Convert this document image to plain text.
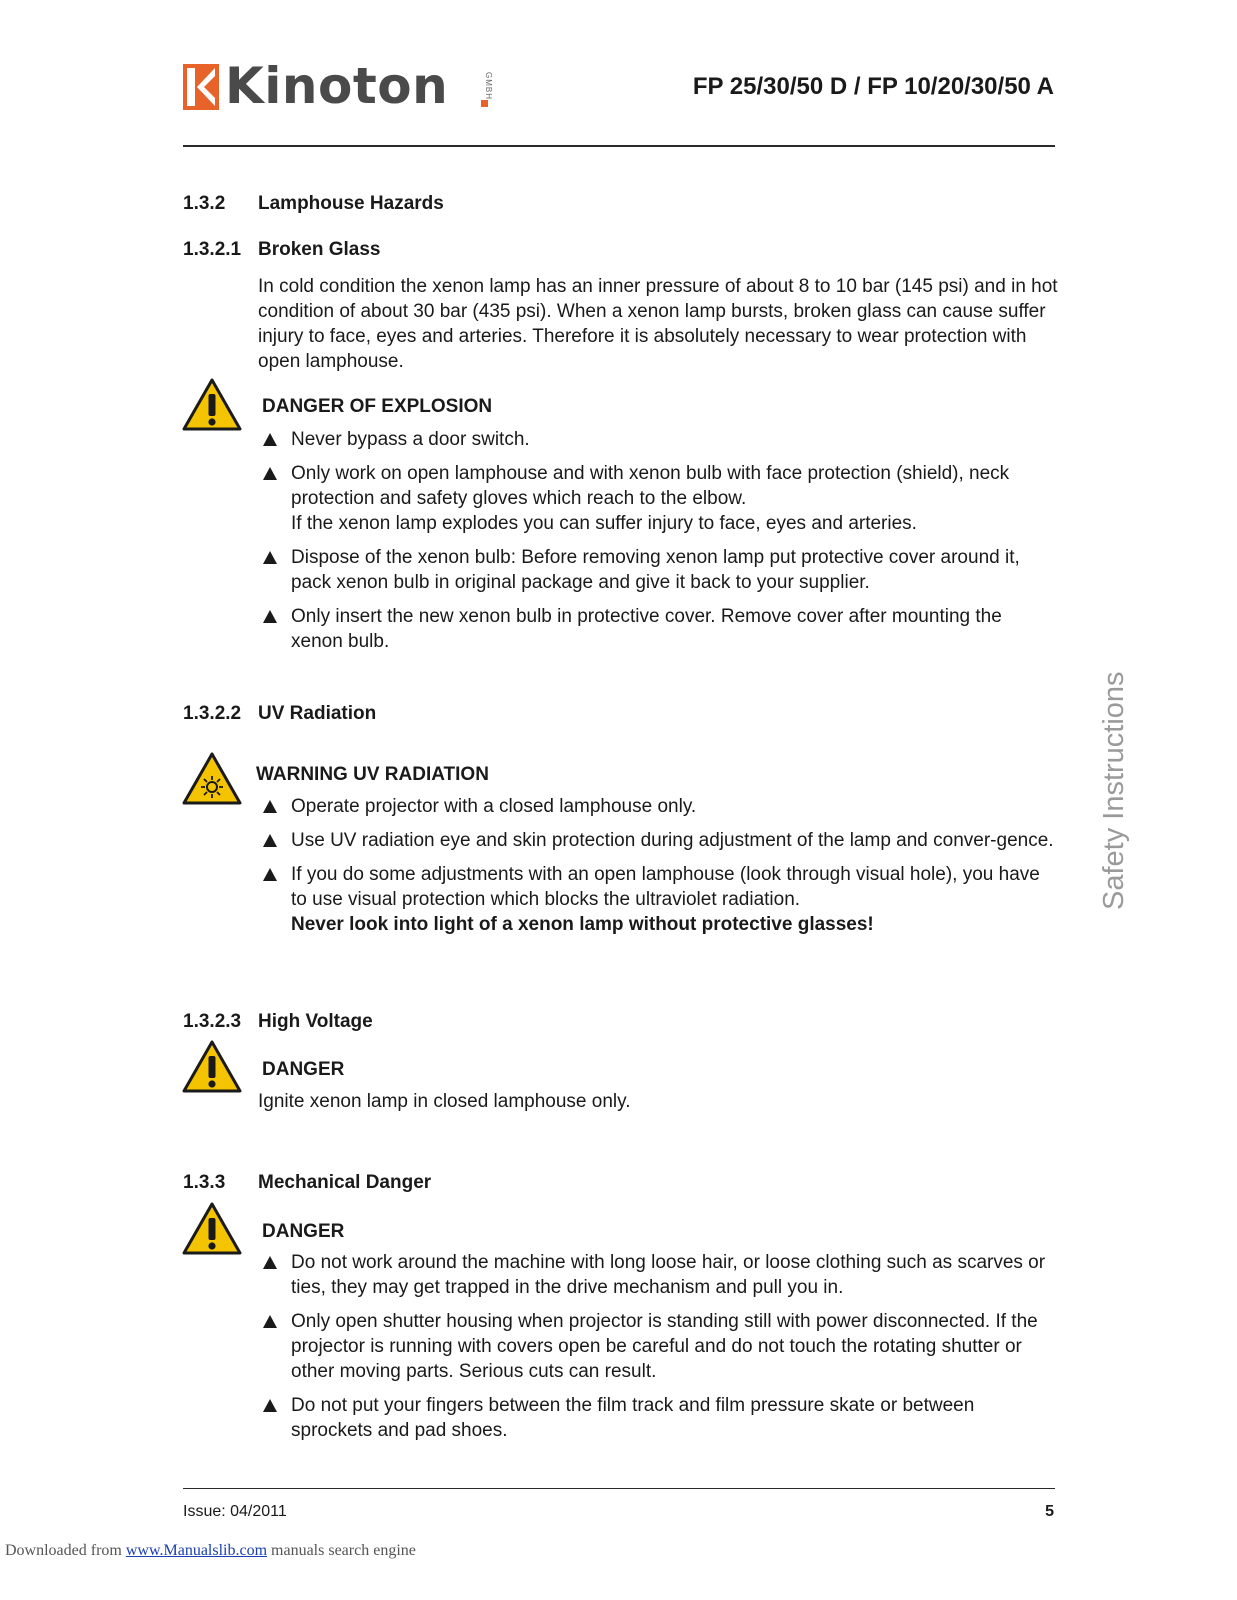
Kinoton	GMBH	FP 25/30/50 D / FP 10/20/30/50 A
1.3.2 Lamphouse Hazards
1.3.2.1 Broken Glass
In cold condition the xenon lamp has an inner pressure of about 8 to 10 bar (145 psi) and in hot condition of about 30 bar (435 psi). When a xenon lamp bursts, broken glass can cause suffer injury to face, eyes and arteries. Therefore it is absolutely necessary to wear protection with open lamphouse.
DANGER OF EXPLOSION
Never bypass a door switch.
Only work on open lamphouse and with xenon bulb with face protection (shield), neck protection and safety gloves which reach to the elbow.
If the xenon lamp explodes you can suffer injury to face, eyes and arteries.
Dispose of the xenon bulb: Before removing xenon lamp put protective cover around it, pack xenon bulb in original package and give it back to your supplier.
Only insert the new xenon bulb in protective cover. Remove cover after mounting the xenon bulb.
1.3.2.2 UV Radiation
WARNING UV RADIATION
Operate projector with a closed lamphouse only.
Use UV radiation eye and skin protection during adjustment of the lamp and conver-gence.
If you do some adjustments with an open lamphouse (look through visual hole), you have to use visual protection which blocks the ultraviolet radiation.
Never look into light of a xenon lamp without protective glasses!
1.3.2.3 High Voltage
DANGER
Ignite xenon lamp in closed lamphouse only.
1.3.3 Mechanical Danger
DANGER
Do not work around the machine with long loose hair, or loose clothing such as scarves or ties, they may get trapped in the drive mechanism and pull you in.
Only open shutter housing when projector is standing still with power disconnected. If the projector is running with covers open be careful and do not touch the rotating shutter or other moving parts. Serious cuts can result.
Do not put your fingers between the film track and film pressure skate or between sprockets and pad shoes.
Safety Instructions
Issue: 04/2011	5
Downloaded from www.Manualslib.com manuals search engine
